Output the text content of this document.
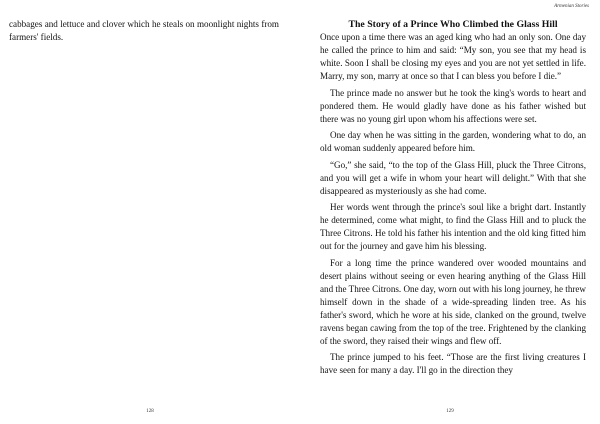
cabbages and lettuce and clover which he steals on moonlight nights from farmers' fields.

128
Armenian Stories
The Story of a Prince Who Climbed the Glass Hill

Once upon a time there was an aged king who had an only son. One day he called the prince to him and said: “My son, you see that my head is white. Soon I shall be closing my eyes and you are not yet settled in life. Marry, my son, marry at once so that I can bless you before I die.”

The prince made no answer but he took the king's words to heart and pondered them. He would gladly have done as his father wished but there was no young girl upon whom his affections were set.

One day when he was sitting in the garden, wondering what to do, an old woman suddenly appeared before him.

“Go,” she said, “to the top of the Glass Hill, pluck the Three Citrons, and you will get a wife in whom your heart will delight.” With that she disappeared as mysteriously as she had come.

Her words went through the prince's soul like a bright dart. Instantly he determined, come what might, to find the Glass Hill and to pluck the Three Citrons. He told his father his intention and the old king fitted him out for the journey and gave him his blessing.

For a long time the prince wandered over wooded mountains and desert plains without seeing or even hearing anything of the Glass Hill and the Three Citrons. One day, worn out with his long journey, he threw himself down in the shade of a wide-spreading linden tree. As his father's sword, which he wore at his side, clanked on the ground, twelve ravens began cawing from the top of the tree. Frightened by the clanking of the sword, they raised their wings and flew off.

The prince jumped to his feet. “Those are the first living creatures I have seen for many a day. I'll go in the direction they

129
